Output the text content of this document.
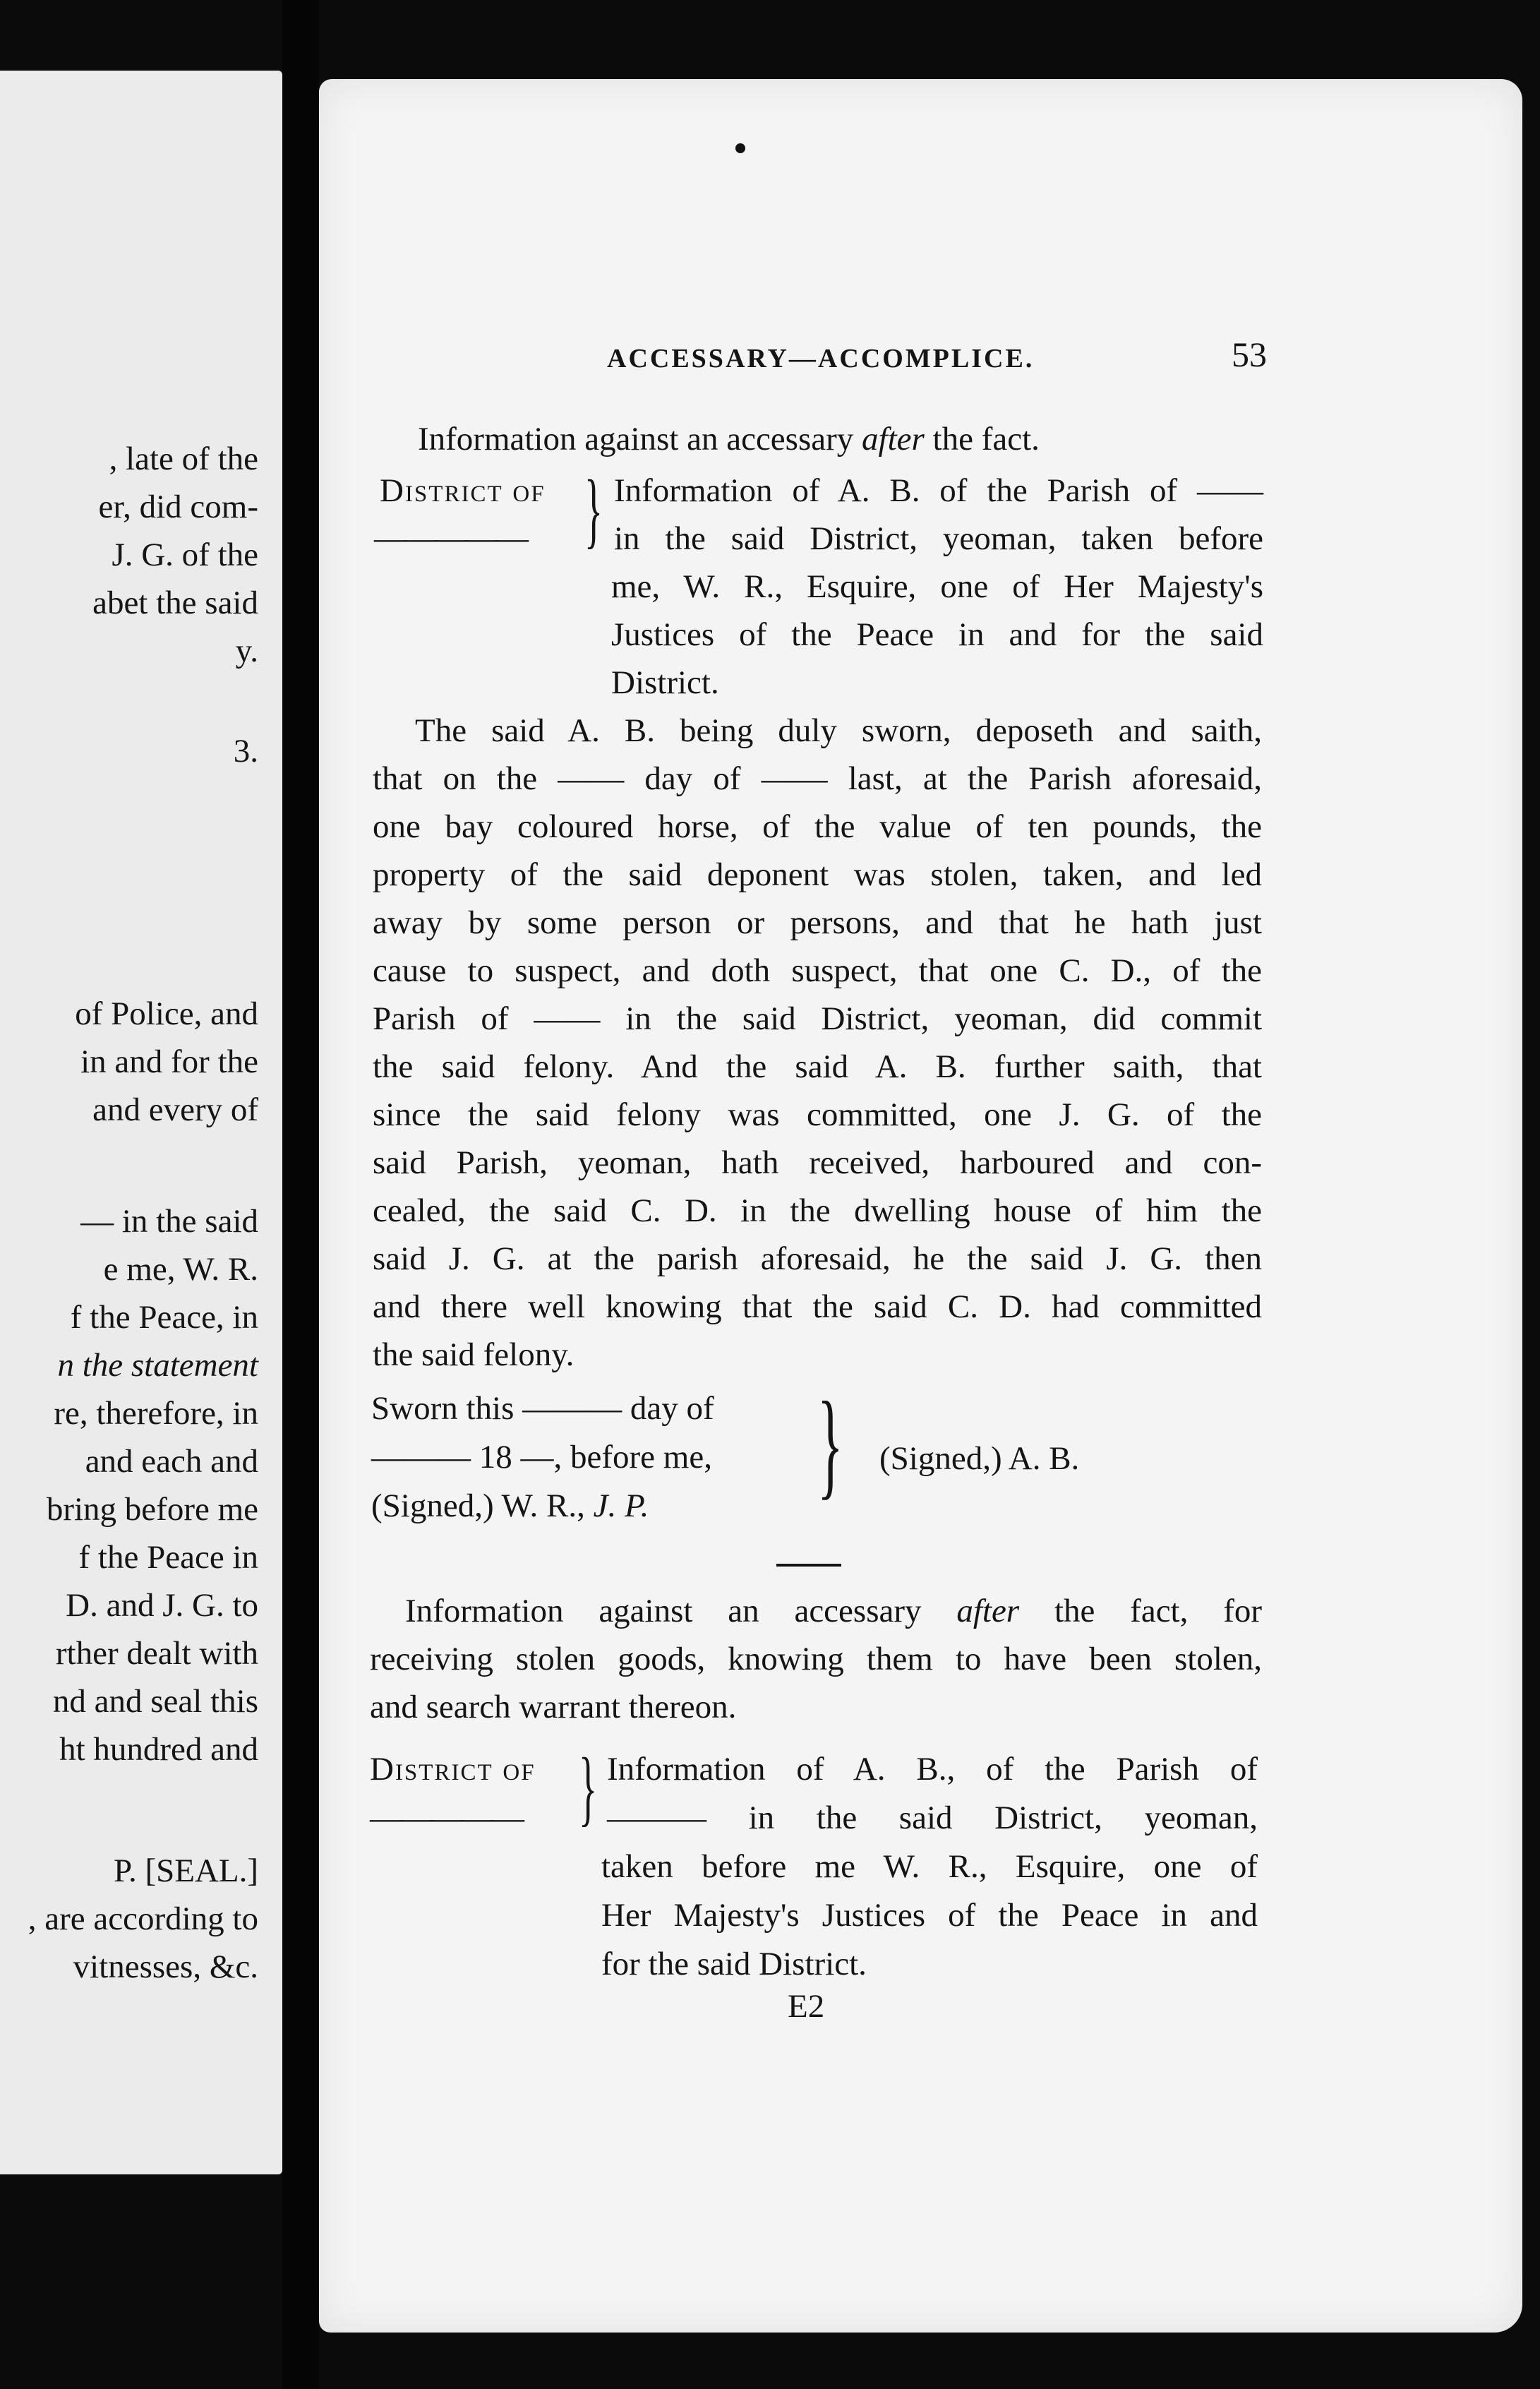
, late of the
er, did com-
J. G. of the
abet the said
y.
3.
of Police, and
in and for the
and every of
— in the said
e me, W. R.
f the Peace, in
n the statement
re, therefore, in
and each and
bring before me
f the Peace in
D. and J. G. to
rther dealt with
nd and seal this
ht hundred and
P. [SEAL.]
, are according to
vitnesses, &c.
ACCESSARY—ACCOMPLICE.	53
Information against an accessary after the fact.
District of
————— } Information of A. B. of the Parish of ——
in the said District, yeoman, taken before
me, W. R., Esquire, one of Her Majesty's
Justices of the Peace in and for the said
District.
The said A. B. being duly sworn, deposeth and saith,
that on the —— day of —— last, at the Parish aforesaid,
one bay coloured horse, of the value of ten pounds, the
property of the said deponent was stolen, taken, and led
away by some person or persons, and that he hath just
cause to suspect, and doth suspect, that one C. D., of the
Parish of —— in the said District, yeoman, did commit
the said felony. And the said A. B. further saith, that
since the said felony was committed, one J. G. of the
said Parish, yeoman, hath received, harboured and con-
cealed, the said C. D. in the dwelling house of him the
said J. G. at the parish aforesaid, he the said J. G. then
and there well knowing that the said C. D. had committed
the said felony.
Sworn this ——— day of
——— 18 —, before me,
(Signed,) W. R., J. P. } (Signed,) A. B.
Information against an accessary after the fact, for
receiving stolen goods, knowing them to have been stolen,
and search warrant thereon.
District of
————— } Information of A. B., of the Parish of
——— in the said District, yeoman,
taken before me W. R., Esquire, one of
Her Majesty's Justices of the Peace in and
for the said District.
E2
